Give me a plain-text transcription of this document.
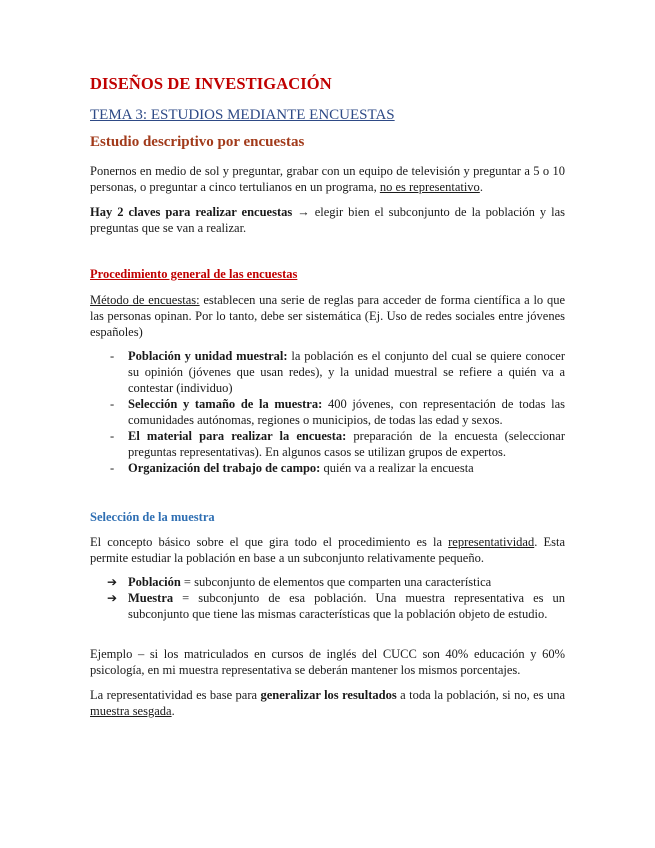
DISEÑOS DE INVESTIGACIÓN
TEMA 3: ESTUDIOS MEDIANTE ENCUESTAS
Estudio descriptivo por encuestas
Ponernos en medio de sol y preguntar, grabar con un equipo de televisión y preguntar a 5 o 10 personas, o preguntar a cinco tertulianos en un programa, no es representativo.
Hay 2 claves para realizar encuestas → elegir bien el subconjunto de la población y las preguntas que se van a realizar.
Procedimiento general de las encuestas
Método de encuestas: establecen una serie de reglas para acceder de forma científica a lo que las personas opinan. Por lo tanto, debe ser sistemática (Ej. Uso de redes sociales entre jóvenes españoles)
- Población y unidad muestral: la población es el conjunto del cual se quiere conocer su opinión (jóvenes que usan redes), y la unidad muestral se refiere a quién va a contestar (individuo)
- Selección y tamaño de la muestra: 400 jóvenes, con representación de todas las comunidades autónomas, regiones o municipios, de todas las edad y sexos.
- El material para realizar la encuesta: preparación de la encuesta (seleccionar preguntas representativas). En algunos casos se utilizan grupos de expertos.
- Organización del trabajo de campo: quién va a realizar la encuesta
Selección de la muestra
El concepto básico sobre el que gira todo el procedimiento es la representatividad. Esta permite estudiar la población en base a un subconjunto relativamente pequeño.
➔ Población = subconjunto de elementos que comparten una característica
➔ Muestra = subconjunto de esa población. Una muestra representativa es un subconjunto que tiene las mismas características que la población objeto de estudio.
Ejemplo – si los matriculados en cursos de inglés del CUCC son 40% educación y 60% psicología, en mi muestra representativa se deberán mantener los mismos porcentajes.
La representatividad es base para generalizar los resultados a toda la población, si no, es una muestra sesgada.
